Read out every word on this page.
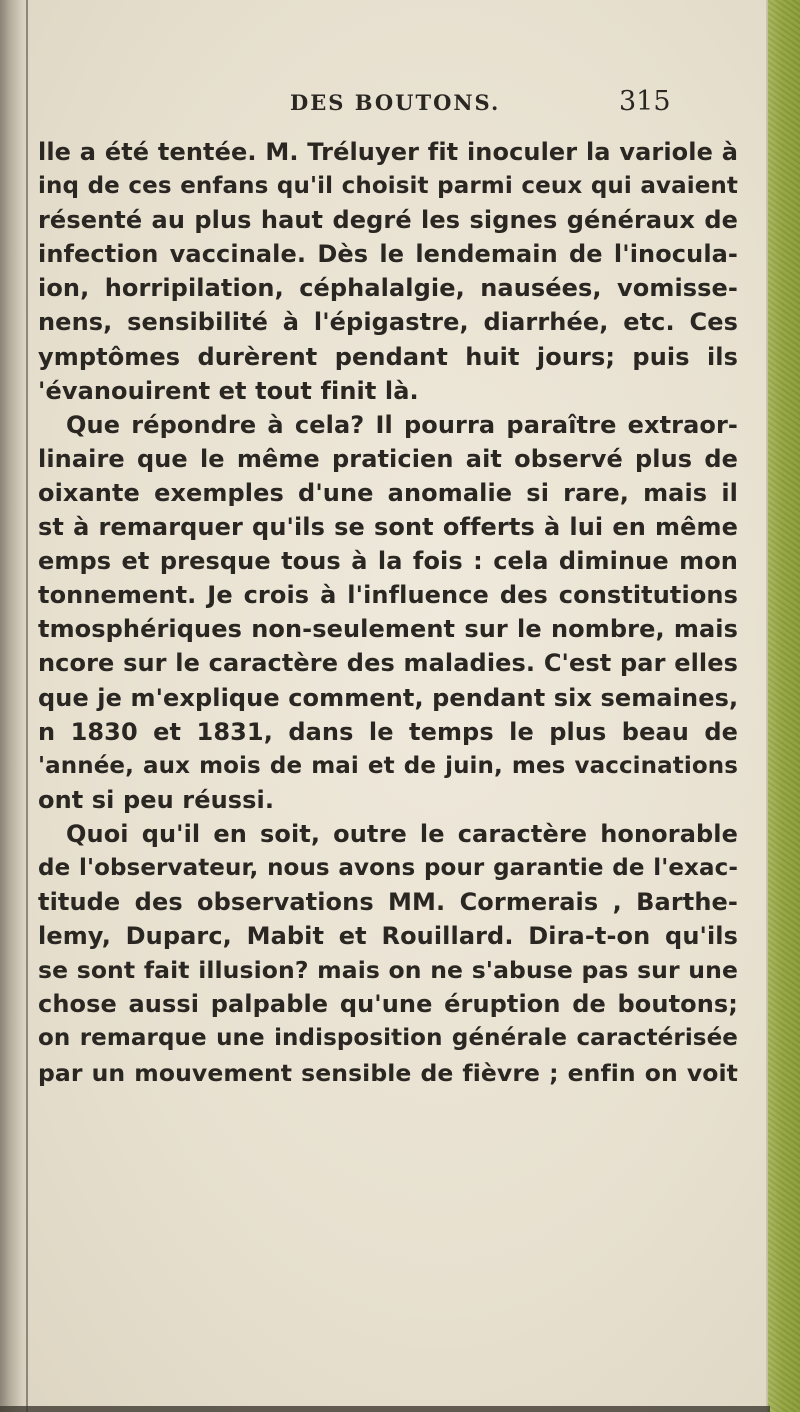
DES BOUTONS.	315
lle a été tentée. M. Tréluyer fit inoculer la variole à
inq de ces enfans qu'il choisit parmi ceux qui avaient
résenté au plus haut degré les signes généraux de
infection vaccinale. Dès le lendemain de l'inocula-
ion, horripilation, céphalalgie, nausées, vomisse-
nens, sensibilité à l'épigastre, diarrhée, etc. Ces
ymptômes durèrent pendant huit jours; puis ils
'évanouirent et tout finit là.
Que répondre à cela? Il pourra paraître extraor-
linaire que le même praticien ait observé plus de
oixante exemples d'une anomalie si rare, mais il
st à remarquer qu'ils se sont offerts à lui en même
emps et presque tous à la fois : cela diminue mon
tonnement. Je crois à l'influence des constitutions
tmosphériques non-seulement sur le nombre, mais
ncore sur le caractère des maladies. C'est par elles
que je m'explique comment, pendant six semaines,
n 1830 et 1831, dans le temps le plus beau de
'année, aux mois de mai et de juin, mes vaccinations
ont si peu réussi.
Quoi qu'il en soit, outre le caractère honorable
de l'observateur, nous avons pour garantie de l'exac-
titude des observations MM. Cormerais , Barthe-
lemy, Duparc, Mabit et Rouillard. Dira-t-on qu'ils
se sont fait illusion? mais on ne s'abuse pas sur une
chose aussi palpable qu'une éruption de boutons;
on remarque une indisposition générale caractérisée
par un mouvement sensible de fièvre ; enfin on voit
